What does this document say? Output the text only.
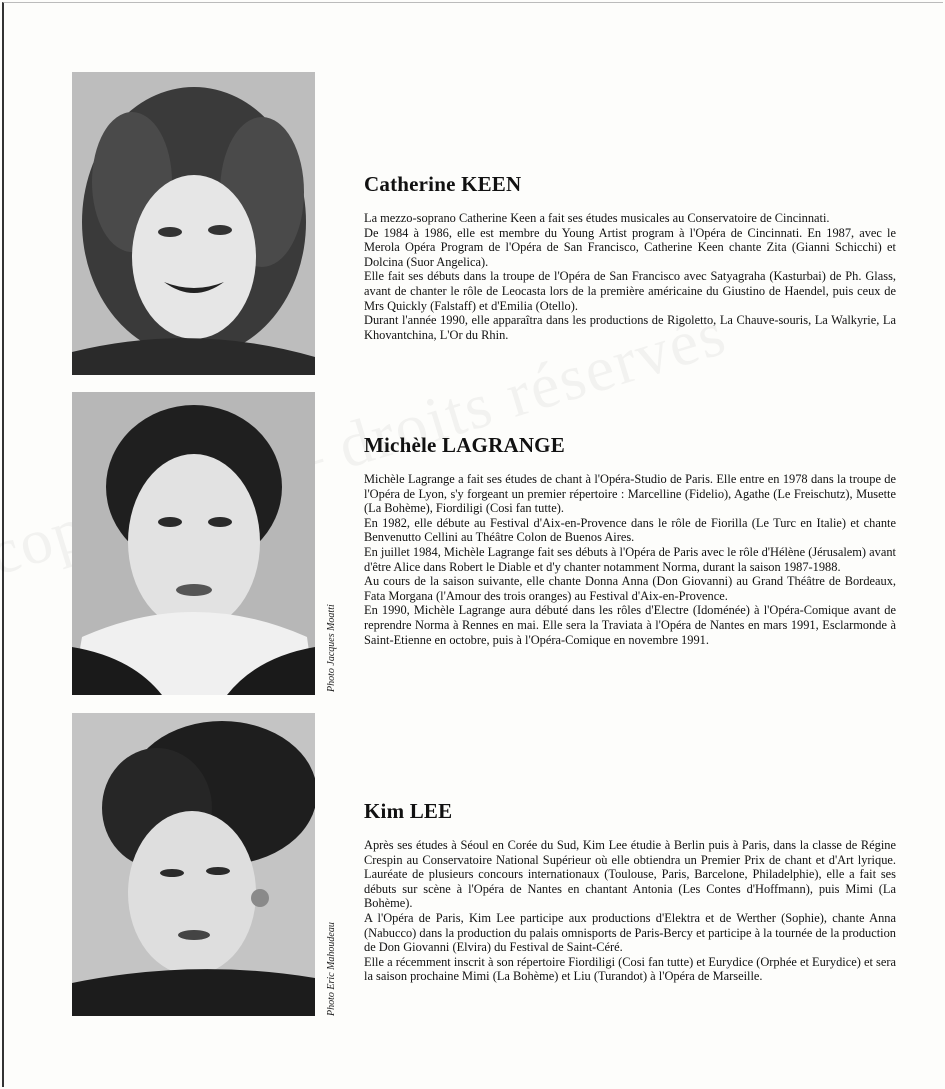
Catherine KEEN

La mezzo-soprano Catherine Keen a fait ses études musicales au Conservatoire de Cincinnati.

De 1984 à 1986, elle est membre du Young Artist program à l'Opéra de Cincinnati. En 1987, avec le Merola Opéra Program de l'Opéra de San Francisco, Catherine Keen chante Zita (Gianni Schicchi) et Dolcina (Suor Angelica).

Elle fait ses débuts dans la troupe de l'Opéra de San Francisco avec Satyagraha (Kasturbai) de Ph. Glass, avant de chanter le rôle de Leocasta lors de la première américaine du Giustino de Haendel, puis ceux de Mrs Quickly (Falstaff) et d'Emilia (Otello).

Durant l'année 1990, elle apparaîtra dans les productions de Rigoletto, La Chauve-souris, La Walkyrie, La Khovantchina, L'Or du Rhin.

Photo Jacques Moatti
Michèle LAGRANGE

Michèle Lagrange a fait ses études de chant à l'Opéra-Studio de Paris. Elle entre en 1978 dans la troupe de l'Opéra de Lyon, s'y forgeant un premier répertoire : Marcelline (Fidelio), Agathe (Le Freischutz), Musette (La Bohème), Fiordiligi (Cosi fan tutte).

En 1982, elle débute au Festival d'Aix-en-Provence dans le rôle de Fiorilla (Le Turc en Italie) et chante Benvenutto Cellini au Théâtre Colon de Buenos Aires.

En juillet 1984, Michèle Lagrange fait ses débuts à l'Opéra de Paris avec le rôle d'Hélène (Jérusalem) avant d'être Alice dans Robert le Diable et d'y chanter notamment Norma, durant la saison 1987-1988.

Au cours de la saison suivante, elle chante Donna Anna (Don Giovanni) au Grand Théâtre de Bordeaux, Fata Morgana (l'Amour des trois oranges) au Festival d'Aix-en-Provence.

En 1990, Michèle Lagrange aura débuté dans les rôles d'Electre (Idoménée) à l'Opéra-Comique avant de reprendre Norma à Rennes en mai. Elle sera la Traviata à l'Opéra de Nantes en mars 1991, Esclarmonde à Saint-Etienne en octobre, puis à l'Opéra-Comique en novembre 1991.

Photo Eric Mahoudeau
Kim LEE

Après ses études à Séoul en Corée du Sud, Kim Lee étudie à Berlin puis à Paris, dans la classe de Régine Crespin au Conservatoire National Supérieur où elle obtiendra un Premier Prix de chant et d'Art lyrique. Lauréate de plusieurs concours internationaux (Toulouse, Paris, Barcelone, Philadelphie), elle a fait ses débuts sur scène à l'Opéra de Nantes en chantant Antonia (Les Contes d'Hoffmann), puis Mimi (La Bohème).

A l'Opéra de Paris, Kim Lee participe aux productions d'Elektra et de Werther (Sophie), chante Anna (Nabucco) dans la production du palais omnisports de Paris-Bercy et participe à la tournée de la production de Don Giovanni (Elvira) du Festival de Saint-Céré.

Elle a récemment inscrit à son répertoire Fiordiligi (Cosi fan tutte) et Eurydice (Orphée et Eurydice) et sera la saison prochaine Mimi (La Bohème) et Liu (Turandot) à l'Opéra de Marseille.
